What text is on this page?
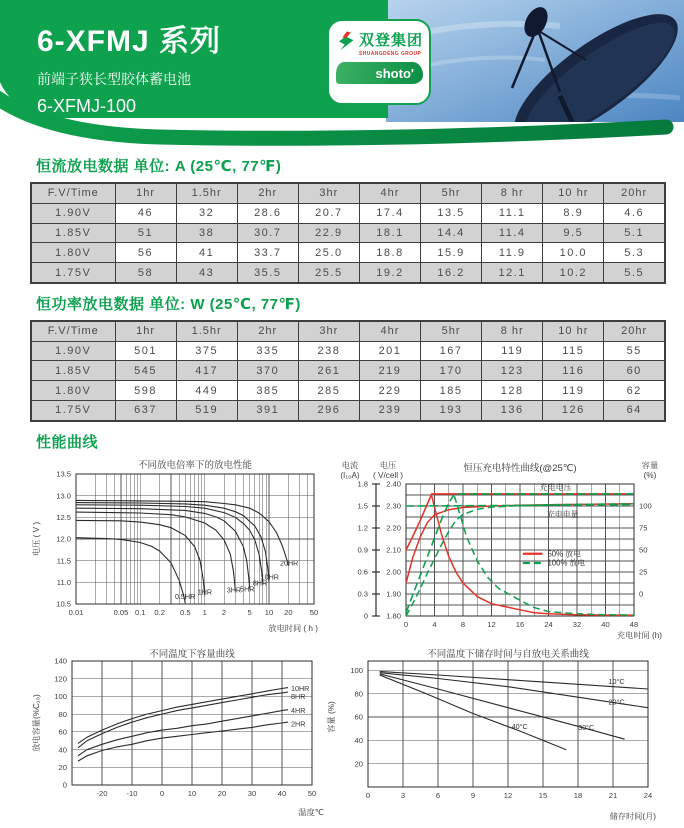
6-XFMJ 系列
前端子狭长型胶体蓄电池
6-XFMJ-100
双登集团
SHUANGDENG GROUP
shoto'
恒流放电数据 单位: A (25℃, 77℉)
F.V/Time	1hr	1.5hr	2hr	3hr	4hr	5hr	8 hr	10 hr	20hr
1.90V	46	32	28.6	20.7	17.4	13.5	11.1	8.9	4.6
1.85V	51	38	30.7	22.9	18.1	14.4	11.4	9.5	5.1
1.80V	56	41	33.7	25.0	18.8	15.9	11.9	10.0	5.3
1.75V	58	43	35.5	25.5	19.2	16.2	12.1	10.2	5.5
恒功率放电数据 单位: W (25℃, 77℉)
F.V/Time	1hr	1.5hr	2hr	3hr	4hr	5hr	8 hr	10 hr	20hr
1.90V	501	375	335	238	201	167	119	115	55
1.85V	545	417	370	261	219	170	123	116	60
1.80V	598	449	385	285	229	185	128	119	62
1.75V	637	519	391	296	239	193	136	126	64
性能曲线
0.01	0.05 0.1 0.2 0.5 1 2	5 10 20 50
13.5
13.0
12.5
12.0
11.5
11.0
10.5
20HR
10HR
8HR
5HR
3HR
1HR
0.5HR
电压 ( V )
放电时间 ( h )
不同放电倍率下的放电性能
0	4	8	12	16	24	32	40	48
2.40
2.30
2.20
2.10
2.00
1.90
1.80
1.8
1.5
1.2
0.9
0.6
0.3
0
100
75
50
25
0
充电电压
充电电量
50% 放电
100% 放电
电流
(I₁₀A)
电压
( V/cell )
容量
(%)
充电时间 (h)
恒压充电特性曲线(@25℃)
-20	-10	0	10	20	30	40	50
140
120
100
80
60
40
20
0
10HR
8HR
4HR
2HR
放电容量(%C₁₀)
温度℃
不同温度下容量曲线
0	3	6	9	12	15	18	21	24
100
80
60
40
20
10°C
20°C
30°C
40°C
容量 (%)
储存时间(月)
不同温度下储存时间与自放电关系曲线
